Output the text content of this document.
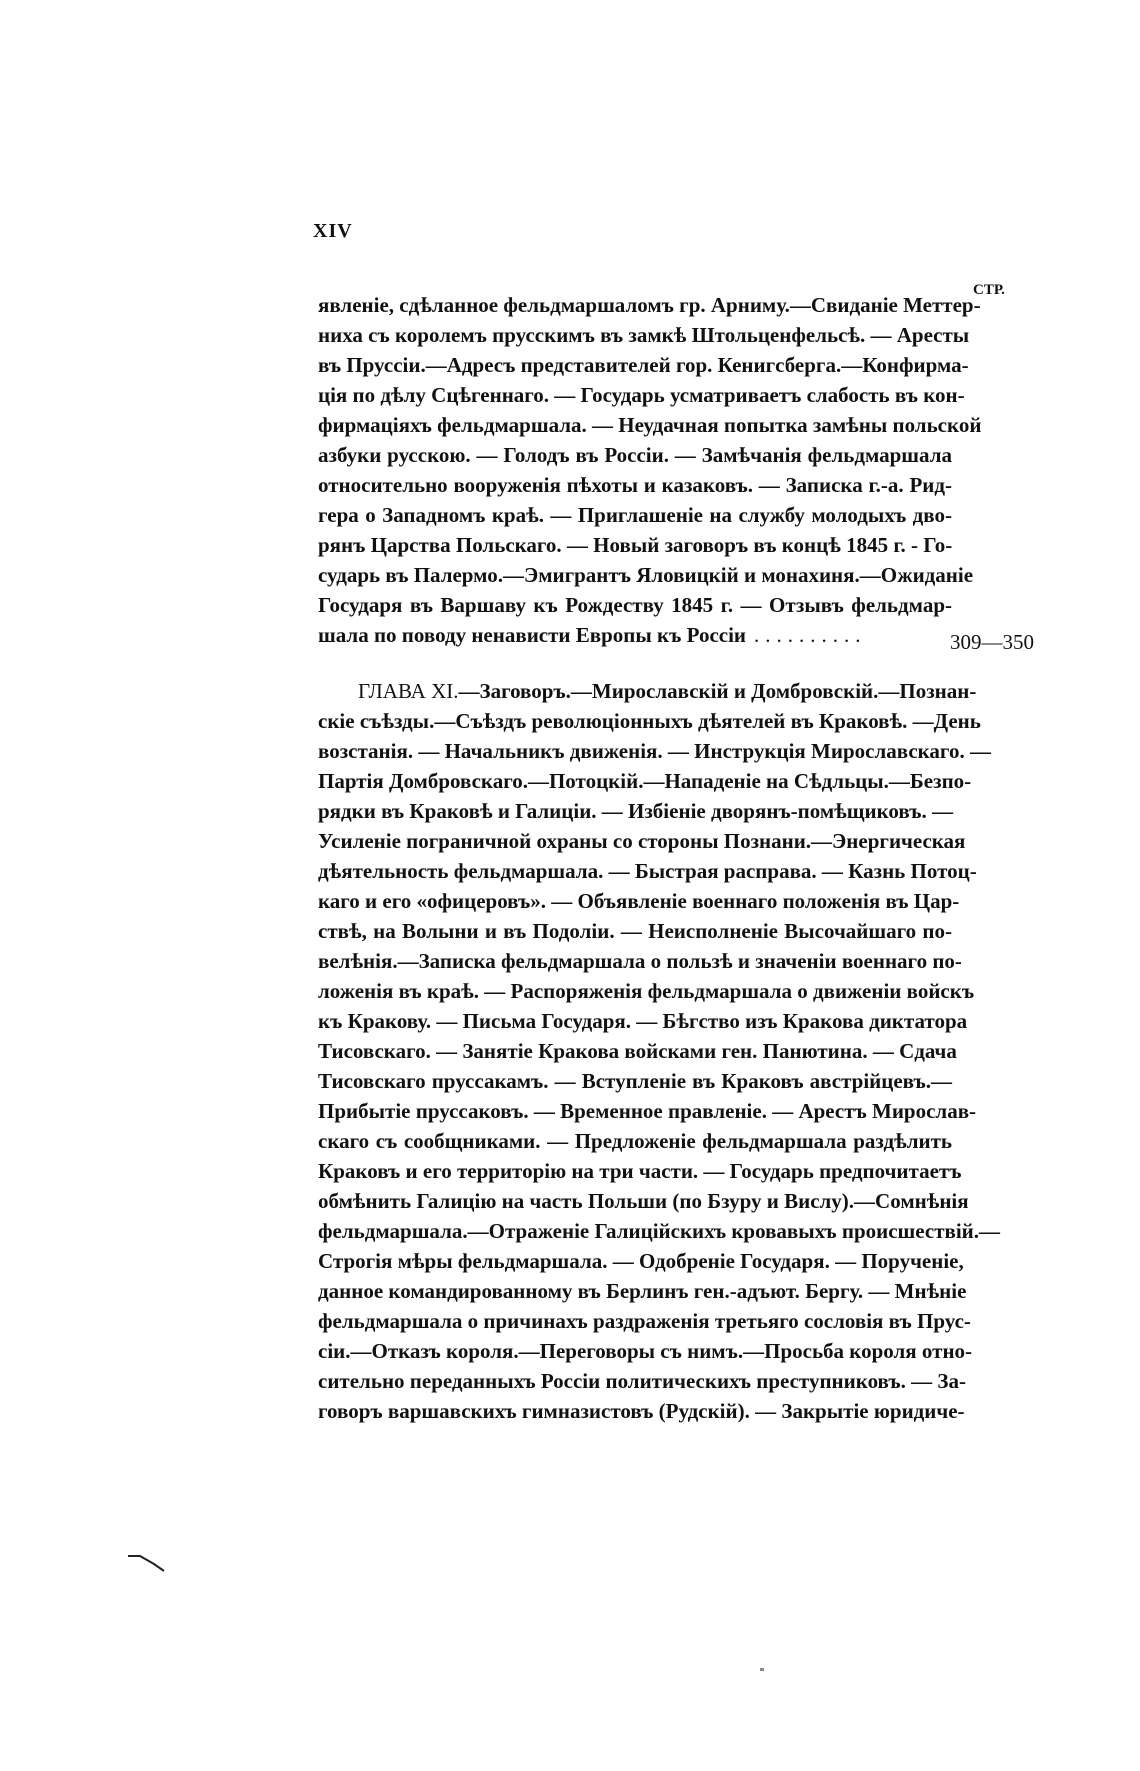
XIV
СТР.
явленіе, сдѣланное фельдмаршаломъ гр. Арниму.—Свиданіе Меттер-
ниха съ королемъ прусскимъ въ замкѣ Штольценфельсѣ. — Аресты
въ Пруссіи.—Адресъ представителей гор. Кенигсберга.—Конфирма-
ція по дѣлу Сцѣгеннаго. — Государь усматриваетъ слабость въ кон-
фирмаціяхъ фельдмаршала. — Неудачная попытка замѣны польской
азбуки русскою. — Голодъ въ Россіи. — Замѣчанія фельдмаршала
относительно вооруженія пѣхоты и казаковъ. — Записка г.-а. Рид-
гера о Западномъ краѣ. — Приглашеніе на службу молодыхъ дво-
рянъ Царства Польскаго. — Новый заговоръ въ концѣ 1845 г. - Го-
сударь въ Палермо.—Эмигрантъ Яловицкій и монахиня.—Ожиданіе
Государя въ Варшаву къ Рождеству 1845 г. — Отзывъ фельдмар-
шала по поводу ненависти Европы къ Россіи ..........	309—350
ГЛАВА XI.—Заговоръ.—Мирославскій и Домбровскій.—Познан-
скіе съѣзды.—Съѣздъ революціонныхъ дѣятелей въ Краковѣ. —День
возстанія. — Начальникъ движенія. — Инструкція Мирославскаго. —
Партія Домбровскаго.—Потоцкій.—Нападеніе на Сѣдльцы.—Безпо-
рядки въ Краковѣ и Галиціи. — Избіеніе дворянъ-помѣщиковъ. —
Усиленіе пограничной охраны со стороны Познани.—Энергическая
дѣятельность фельдмаршала. — Быстрая расправа. — Казнь Потоц-
каго и его «офицеровъ». — Объявленіе военнаго положенія въ Цар-
ствѣ, на Волыни и въ Подоліи. — Неисполненіе Высочайшаго по-
велѣнія.—Записка фельдмаршала о пользѣ и значеніи военнаго по-
ложенія въ краѣ. — Распоряженія фельдмаршала о движеніи войскъ
къ Кракову. — Письма Государя. — Бѣгство изъ Кракова диктатора
Тисовскаго. — Занятіе Кракова войсками ген. Панютина. — Сдача
Тисовскаго пруссакамъ. — Вступленіе въ Краковъ австрійцевъ.—
Прибытіе пруссаковъ. — Временное правленіе. — Арестъ Мирослав-
скаго съ сообщниками. — Предложеніе фельдмаршала раздѣлить
Краковъ и его территорію на три части. — Государь предпочитаетъ
обмѣнить Галицію на часть Польши (по Бзуру и Вислу).—Сомнѣнія
фельдмаршала.—Отраженіе Галиційскихъ кровавыхъ происшествій.—
Строгія мѣры фельдмаршала. — Одобреніе Государя. — Порученіе,
данное командированному въ Берлинъ ген.-адъют. Бергу. — Мнѣніе
фельдмаршала о причинахъ раздраженія третьяго сословія въ Прус-
сіи.—Отказъ короля.—Переговоры съ нимъ.—Просьба короля отно-
сительно переданныхъ Россіи политическихъ преступниковъ. — За-
говоръ варшавскихъ гимназистовъ (Рудскій). — Закрытіе юридиче-
